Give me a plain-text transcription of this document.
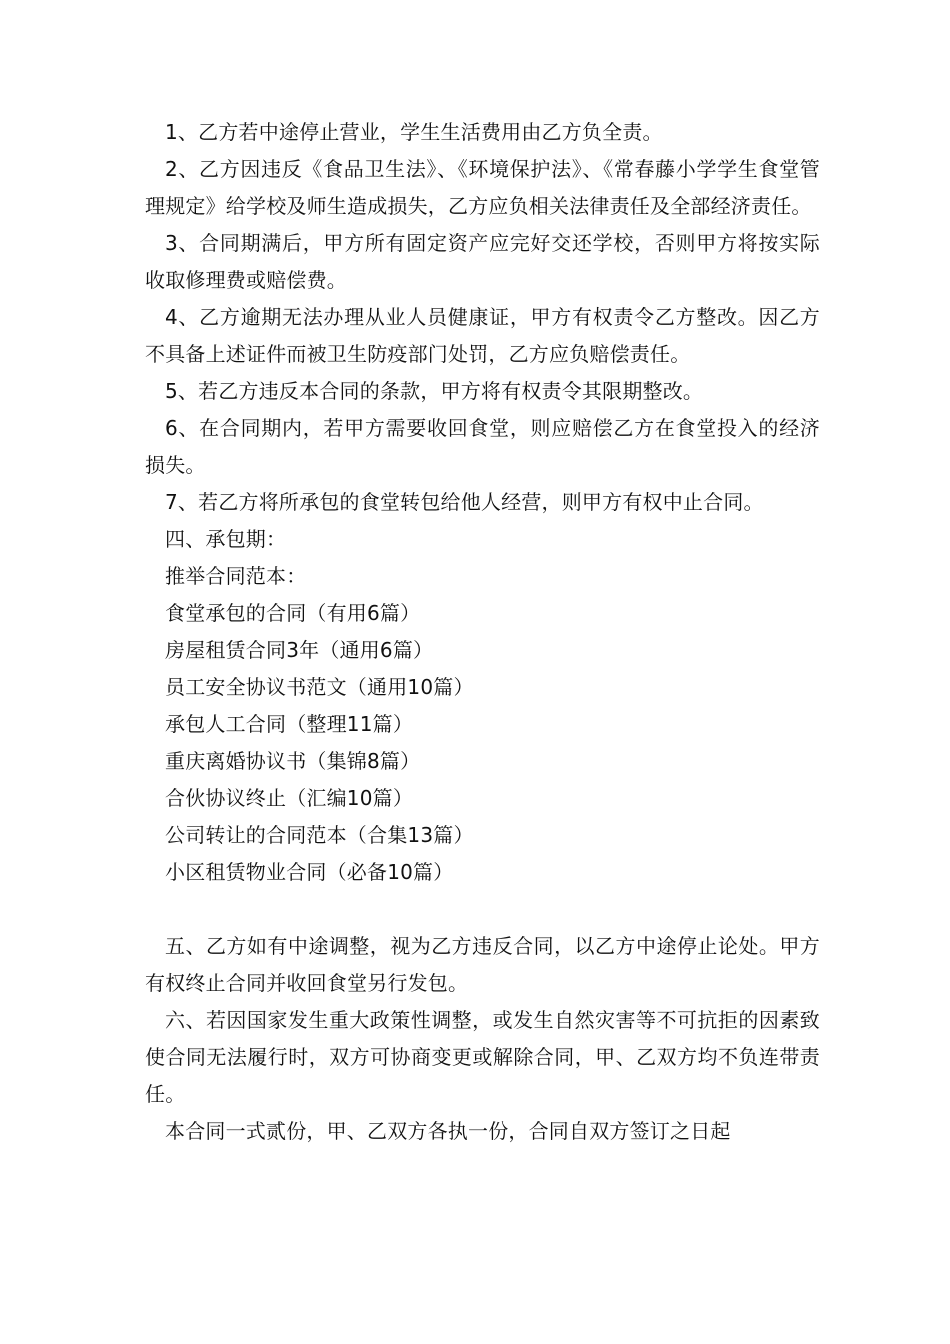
1、乙方若中途停止营业，学生生活费用由乙方负全责。

2、乙方因违反《食品卫生法》、《环境保护法》、《常春藤小学学生食堂管理规定》给学校及师生造成损失，乙方应负相关法律责任及全部经济责任。

3、合同期满后，甲方所有固定资产应完好交还学校，否则甲方将按实际收取修理费或赔偿费。

4、乙方逾期无法办理从业人员健康证，甲方有权责令乙方整改。因乙方不具备上述证件而被卫生防疫部门处罚，乙方应负赔偿责任。

5、若乙方违反本合同的条款，甲方将有权责令其限期整改。

6、在合同期内，若甲方需要收回食堂，则应赔偿乙方在食堂投入的经济损失。

7、若乙方将所承包的食堂转包给他人经营，则甲方有权中止合同。

四、承包期：

推举合同范本：

食堂承包的合同（有用6篇）

房屋租赁合同3年（通用6篇）

员工安全协议书范文（通用10篇）

承包人工合同（整理11篇）

重庆离婚协议书（集锦8篇）

合伙协议终止（汇编10篇）

公司转让的合同范本（合集13篇）

小区租赁物业合同（必备10篇）

五、乙方如有中途调整，视为乙方违反合同，以乙方中途停止论处。甲方有权终止合同并收回食堂另行发包。

六、若因国家发生重大政策性调整，或发生自然灾害等不可抗拒的因素致使合同无法履行时，双方可协商变更或解除合同，甲、乙双方均不负连带责任。

本合同一式贰份，甲、乙双方各执一份，合同自双方签订之日起
